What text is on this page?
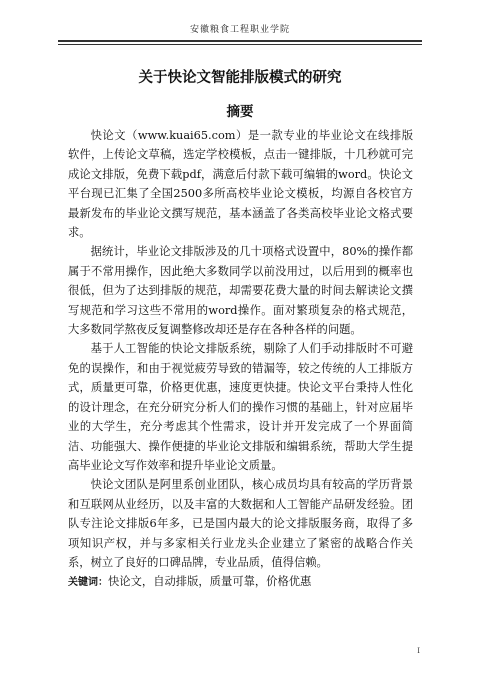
安徽粮食工程职业学院
关于快论文智能排版模式的研究
摘要

快论文（www.kuai65.com）是一款专业的毕业论文在线排版软件，上传论文草稿，选定学校模板，点击一键排版，十几秒就可完成论文排版，免费下载pdf，满意后付款下载可编辑的word。快论文平台现已汇集了全国2500多所高校毕业论文模板，均源自各校官方最新发布的毕业论文撰写规范，基本涵盖了各类高校毕业论文格式要求。

据统计，毕业论文排版涉及的几十项格式设置中，80%的操作都属于不常用操作，因此绝大多数同学以前没用过，以后用到的概率也很低，但为了达到排版的规范，却需要花费大量的时间去解读论文撰写规范和学习这些不常用的word操作。面对繁琐复杂的格式规范，大多数同学熬夜反复调整修改却还是存在各种各样的问题。

基于人工智能的快论文排版系统，剔除了人们手动排版时不可避免的误操作，和由于视觉疲劳导致的错漏等，较之传统的人工排版方式，质量更可靠，价格更优惠，速度更快捷。快论文平台秉持人性化的设计理念，在充分研究分析人们的操作习惯的基础上，针对应届毕业的大学生，充分考虑其个性需求，设计并开发完成了一个界面简洁、功能强大、操作便捷的毕业论文排版和编辑系统，帮助大学生提高毕业论文写作效率和提升毕业论文质量。

快论文团队是阿里系创业团队，核心成员均具有较高的学历背景和互联网从业经历，以及丰富的大数据和人工智能产品研发经验。团队专注论文排版6年多，已是国内最大的论文排版服务商，取得了多项知识产权，并与多家相关行业龙头企业建立了紧密的战略合作关系，树立了良好的口碑品牌，专业品质，值得信赖。

关键词：快论文，自动排版，质量可靠，价格优惠
I
